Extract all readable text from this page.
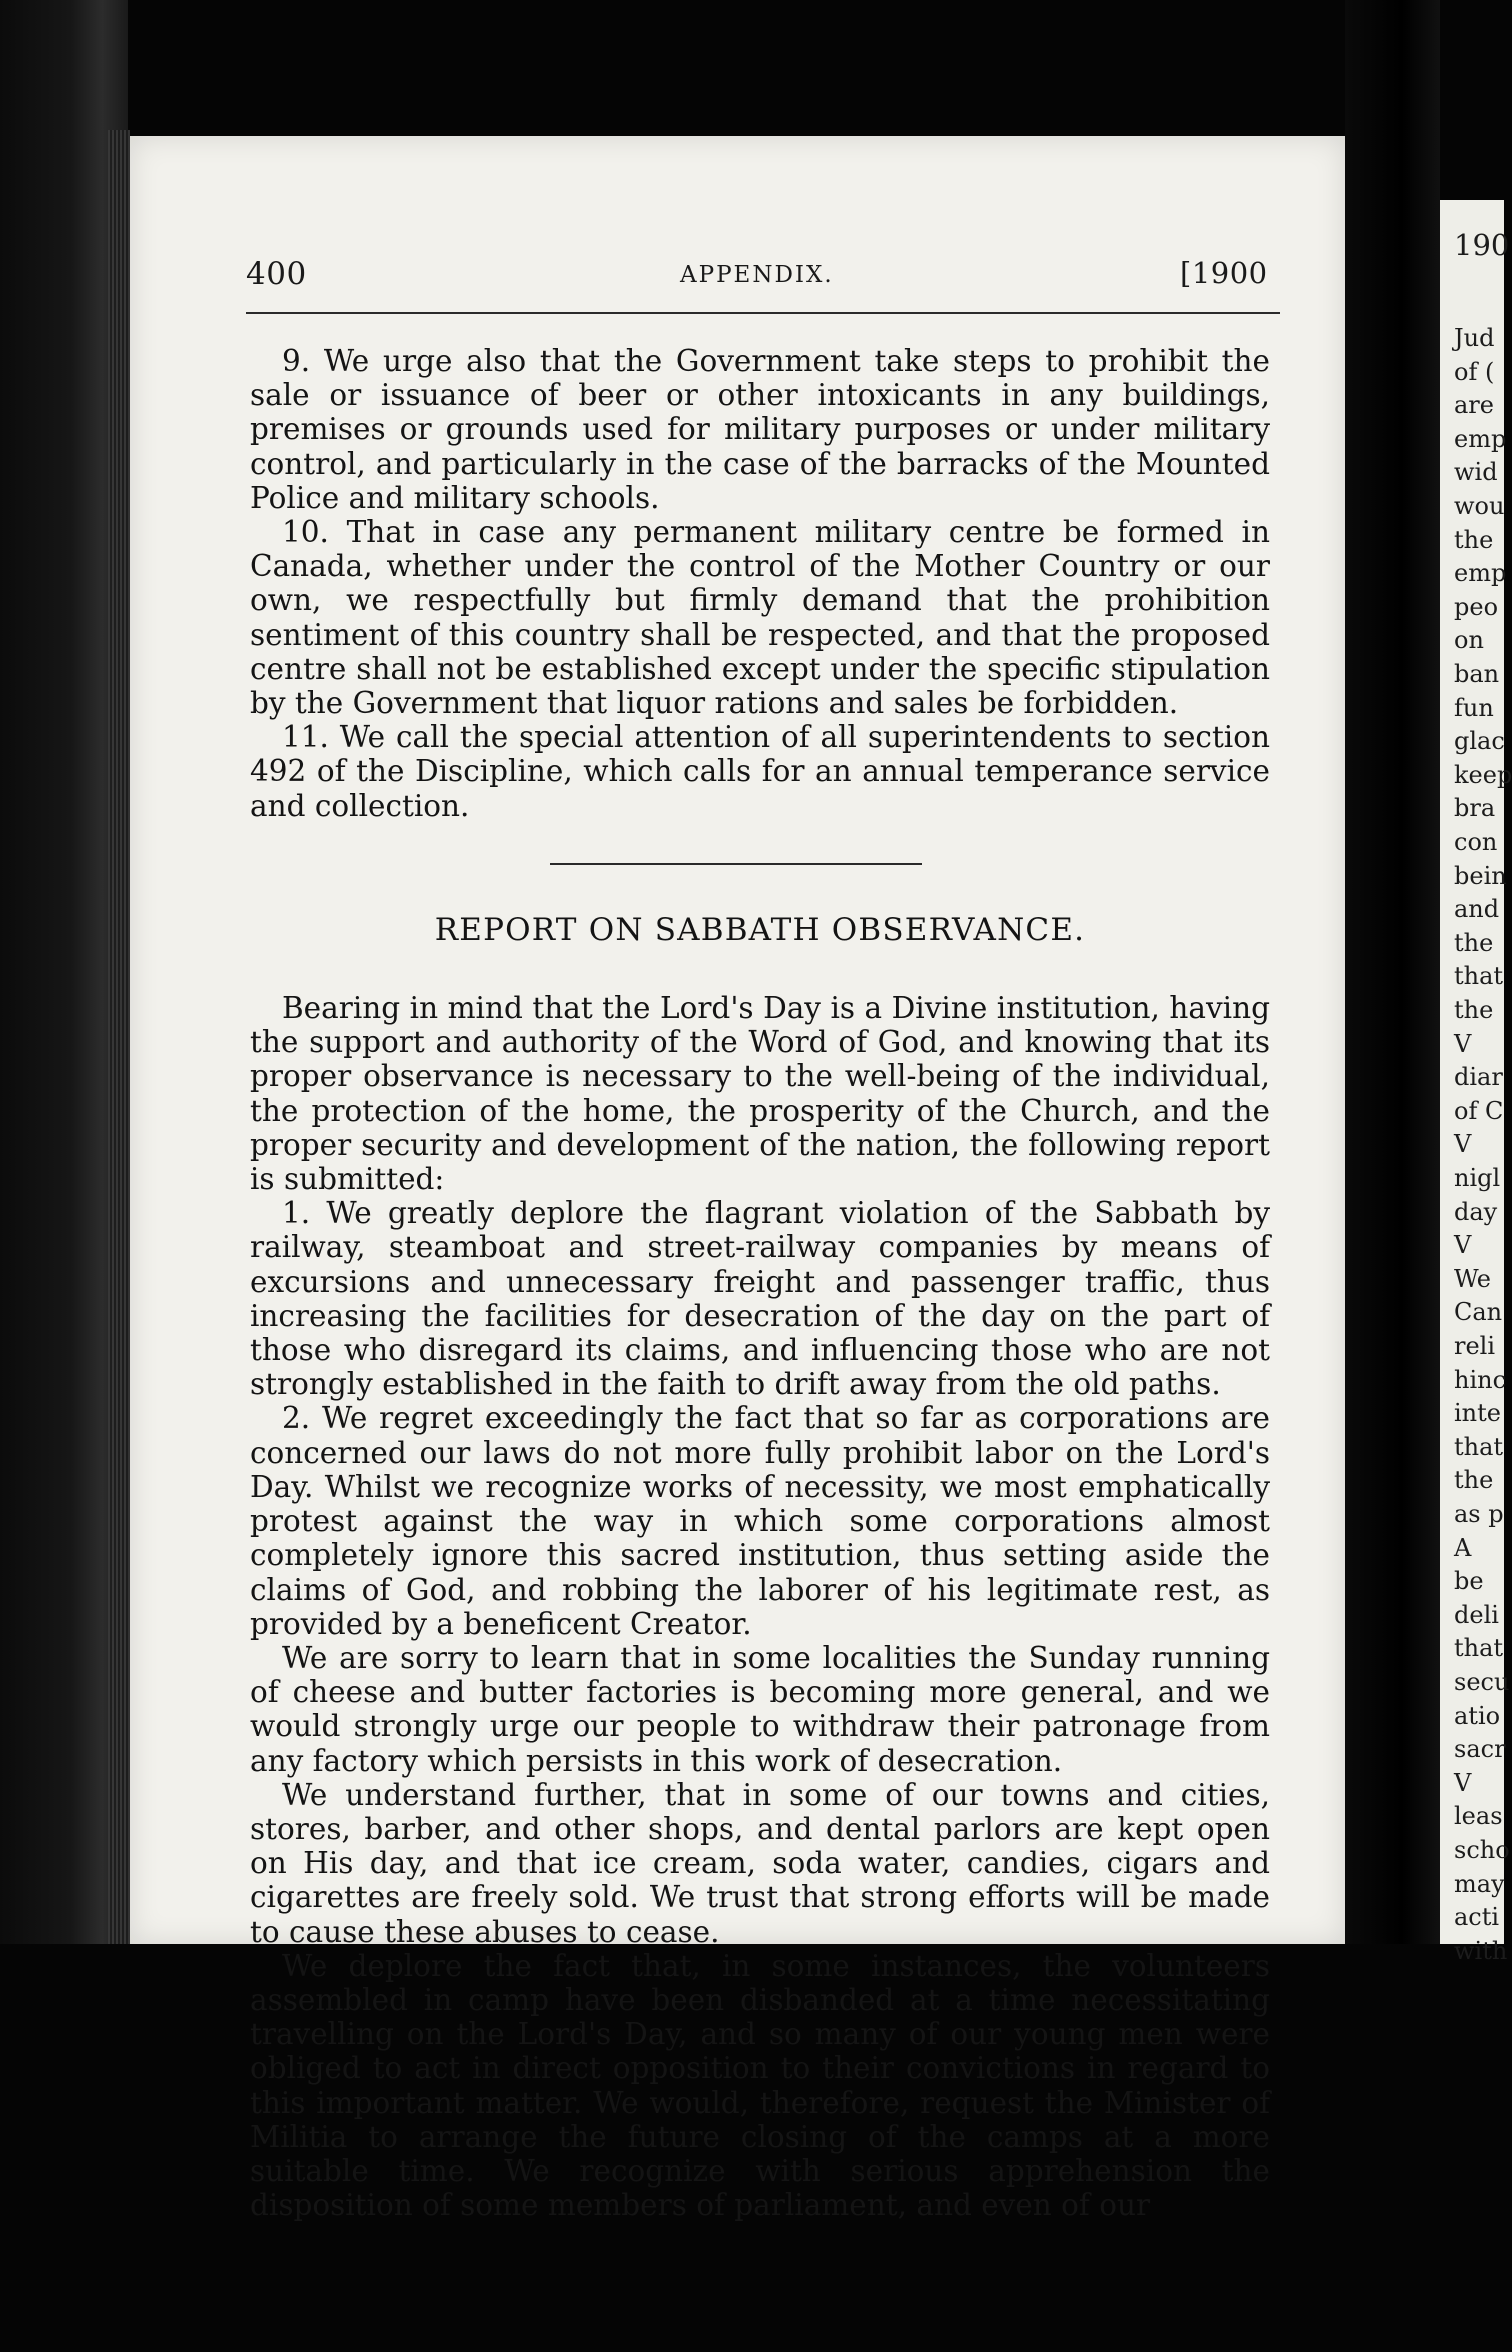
400	APPENDIX.	[1900

9. We urge also that the Government take steps to prohibit the sale or issuance of beer or other intoxicants in any buildings, premises or grounds used for military purposes or under military control, and particularly in the case of the barracks of the Mounted Police and military schools.

10. That in case any permanent military centre be formed in Canada, whether under the control of the Mother Country or our own, we respectfully but firmly demand that the prohibition sentiment of this country shall be respected, and that the proposed centre shall not be established except under the specific stipulation by the Government that liquor rations and sales be forbidden.

11. We call the special attention of all superintendents to section 492 of the Discipline, which calls for an annual temperance service and collection.

REPORT ON SABBATH OBSERVANCE.

Bearing in mind that the Lord's Day is a Divine institution, having the support and authority of the Word of God, and knowing that its proper observance is necessary to the well-being of the individual, the protection of the home, the prosperity of the Church, and the proper security and development of the nation, the following report is submitted:

1. We greatly deplore the flagrant violation of the Sabbath by railway, steamboat and street-railway companies by means of excursions and unnecessary freight and passenger traffic, thus increasing the facilities for desecration of the day on the part of those who disregard its claims, and influencing those who are not strongly established in the faith to drift away from the old paths.

2. We regret exceedingly the fact that so far as corporations are concerned our laws do not more fully prohibit labor on the Lord's Day. Whilst we recognize works of necessity, we most emphatically protest against the way in which some corporations almost completely ignore this sacred institution, thus setting aside the claims of God, and robbing the laborer of his legitimate rest, as provided by a beneficent Creator.

We are sorry to learn that in some localities the Sunday running of cheese and butter factories is becoming more general, and we would strongly urge our people to withdraw their patronage from any factory which persists in this work of desecration.

We understand further, that in some of our towns and cities, stores, barber, and other shops, and dental parlors are kept open on His day, and that ice cream, soda water, candies, cigars and cigarettes are freely sold. We trust that strong efforts will be made to cause these abuses to cease.

We deplore the fact that, in some instances, the volunteers assembled in camp have been disbanded at a time necessitating travelling on the Lord's Day, and so many of our young men were obliged to act in direct opposition to their convictions in regard to this important matter. We would, therefore, request the Minister of Militia to arrange the future closing of the camps at a more suitable time. We recognize with serious apprehension the disposition of some members of parliament, and even of our

190
Jud
of (
are
emp
wid
wou
the
emp
peo
on
ban
fun
glac
keep
bra
con
bein
and
the
that
the
V
diar
of C
V
nigl
day
V
We
Can
reli
hinc
inte
that
the
as p
A
be
deli
that
secu
atio
sacr
V
leas
scho
may
acti
with
